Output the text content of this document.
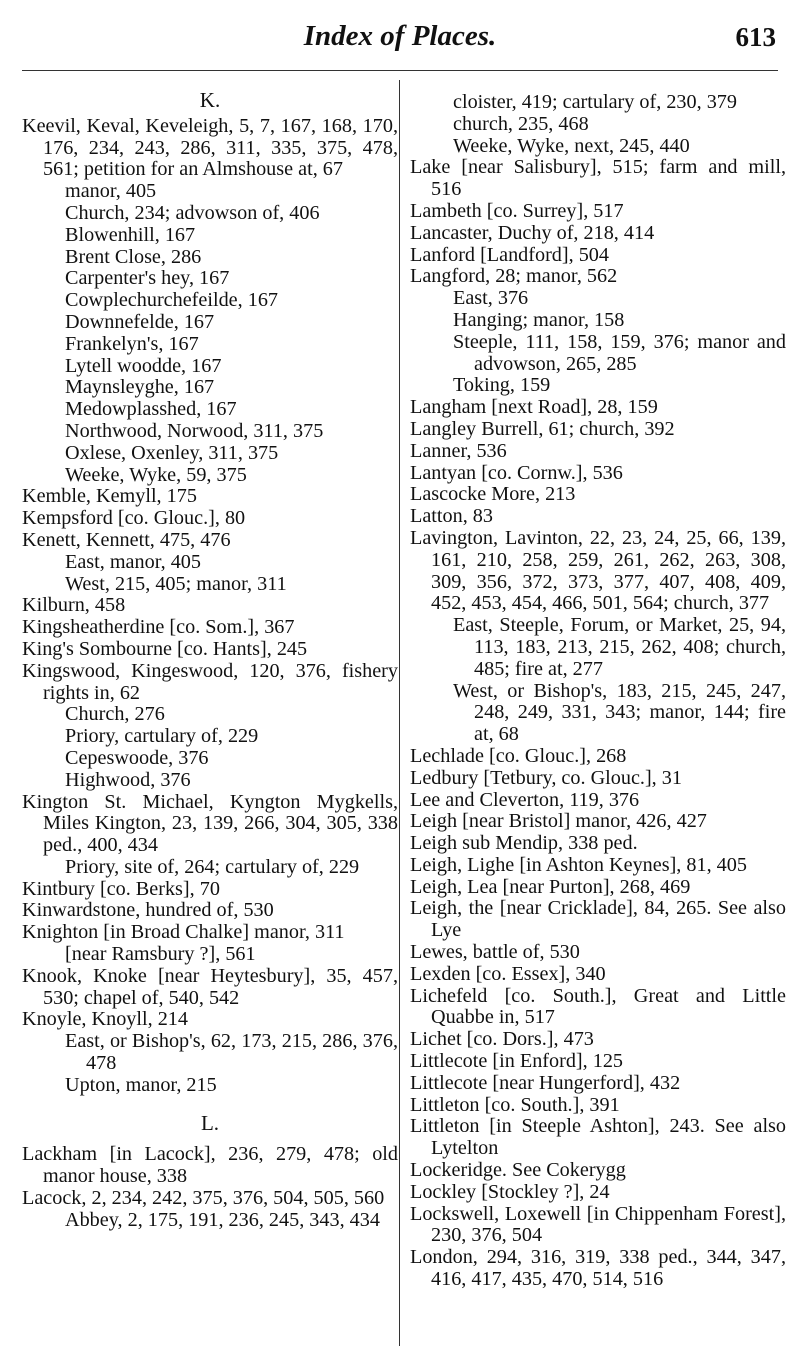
Index of Places.	613
K.
Keevil, Keval, Keveleigh, 5, 7, 167, 168, 170, 176, 234, 243, 286, 311, 335, 375, 478, 561; petition for an Almshouse at, 67
manor, 405
Church, 234; advowson of, 406
Blowenhill, 167
Brent Close, 286
Carpenter's hey, 167
Cowplechurchefeilde, 167
Downnefelde, 167
Frankelyn's, 167
Lytell woodde, 167
Maynsleyghe, 167
Medowplasshed, 167
Northwood, Norwood, 311, 375
Oxlese, Oxenley, 311, 375
Weeke, Wyke, 59, 375
Kemble, Kemyll, 175
Kempsford [co. Glouc.], 80
Kenett, Kennett, 475, 476
East, manor, 405
West, 215, 405; manor, 311
Kilburn, 458
Kingsheatherdine [co. Som.], 367
King's Sombourne [co. Hants], 245
Kingswood, Kingeswood, 120, 376, fishery rights in, 62
Church, 276
Priory, cartulary of, 229
Cepeswoode, 376
Highwood, 376
Kington St. Michael, Kyngton Mygkells, Miles Kington, 23, 139, 266, 304, 305, 338 ped., 400, 434
Priory, site of, 264; cartulary of, 229
Kintbury [co. Berks], 70
Kinwardstone, hundred of, 530
Knighton [in Broad Chalke] manor, 311
[near Ramsbury ?], 561
Knook, Knoke [near Heytesbury], 35, 457, 530; chapel of, 540, 542
Knoyle, Knoyll, 214
East, or Bishop's, 62, 173, 215, 286, 376, 478
Upton, manor, 215
L.
Lackham [in Lacock], 236, 279, 478; old manor house, 338
Lacock, 2, 234, 242, 375, 376, 504, 505, 560
Abbey, 2, 175, 191, 236, 245, 343, 434
cloister, 419; cartulary of, 230, 379
church, 235, 468
Weeke, Wyke, next, 245, 440
Lake [near Salisbury], 515; farm and mill, 516
Lambeth [co. Surrey], 517
Lancaster, Duchy of, 218, 414
Lanford [Landford], 504
Langford, 28; manor, 562
East, 376
Hanging; manor, 158
Steeple, 111, 158, 159, 376; manor and advowson, 265, 285
Toking, 159
Langham [next Road], 28, 159
Langley Burrell, 61; church, 392
Lanner, 536
Lantyan [co. Cornw.], 536
Lascocke More, 213
Latton, 83
Lavington, Lavinton, 22, 23, 24, 25, 66, 139, 161, 210, 258, 259, 261, 262, 263, 308, 309, 356, 372, 373, 377, 407, 408, 409, 452, 453, 454, 466, 501, 564; church, 377
East, Steeple, Forum, or Market, 25, 94, 113, 183, 213, 215, 262, 408; church, 485; fire at, 277
West, or Bishop's, 183, 215, 245, 247, 248, 249, 331, 343; manor, 144; fire at, 68
Lechlade [co. Glouc.], 268
Ledbury [Tetbury, co. Glouc.], 31
Lee and Cleverton, 119, 376
Leigh [near Bristol] manor, 426, 427
Leigh sub Mendip, 338 ped.
Leigh, Lighe [in Ashton Keynes], 81, 405
Leigh, Lea [near Purton], 268, 469
Leigh, the [near Cricklade], 84, 265. See also Lye
Lewes, battle of, 530
Lexden [co. Essex], 340
Lichefeld [co. South.], Great and Little Quabbe in, 517
Lichet [co. Dors.], 473
Littlecote [in Enford], 125
Littlecote [near Hungerford], 432
Littleton [co. South.], 391
Littleton [in Steeple Ashton], 243. See also Lytelton
Lockeridge. See Cokerygg
Lockley [Stockley ?], 24
Lockswell, Loxewell [in Chippenham Forest], 230, 376, 504
London, 294, 316, 319, 338 ped., 344, 347, 416, 417, 435, 470, 514, 516
